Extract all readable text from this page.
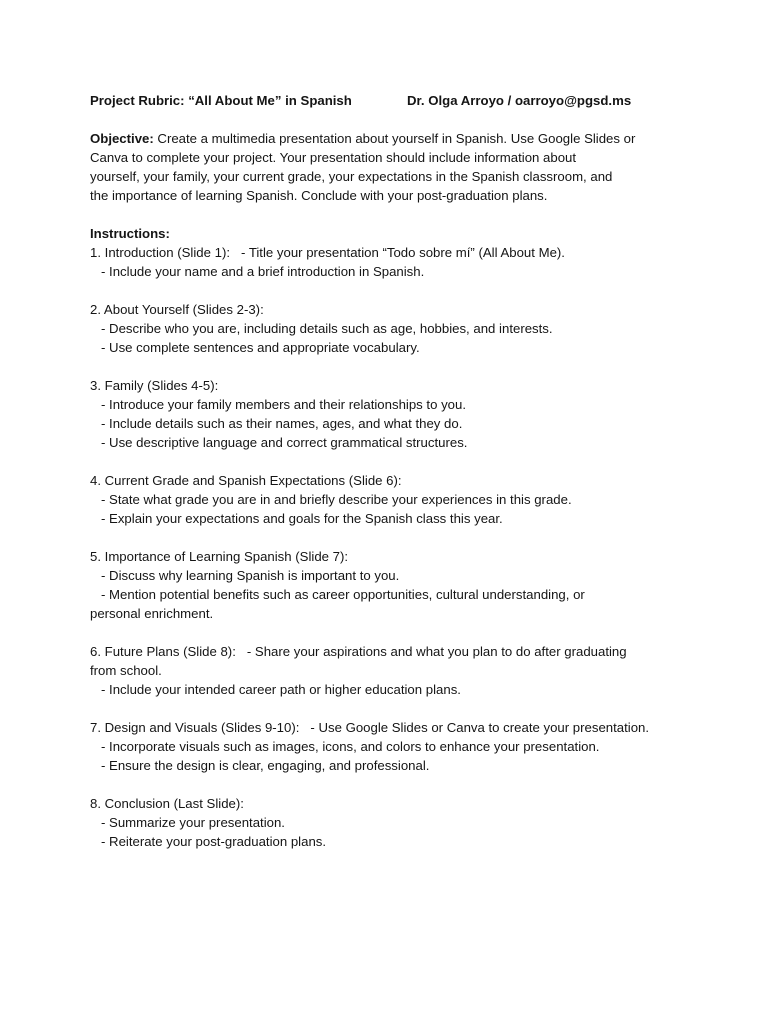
Project Rubric: “All About Me” in Spanish	Dr. Olga Arroyo / oarroyo@pgsd.ms
Objective: Create a multimedia presentation about yourself in Spanish. Use Google Slides or
Canva to complete your project. Your presentation should include information about
yourself, your family, your current grade, your expectations in the Spanish classroom, and
the importance of learning Spanish. Conclude with your post-graduation plans.
Instructions:
1. Introduction (Slide 1):   - Title your presentation “Todo sobre mí” (All About Me).
- Include your name and a brief introduction in Spanish.
2. About Yourself (Slides 2-3):
- Describe who you are, including details such as age, hobbies, and interests.
- Use complete sentences and appropriate vocabulary.
3. Family (Slides 4-5):
- Introduce your family members and their relationships to you.
- Include details such as their names, ages, and what they do.
- Use descriptive language and correct grammatical structures.
4. Current Grade and Spanish Expectations (Slide 6):
- State what grade you are in and briefly describe your experiences in this grade.
- Explain your expectations and goals for the Spanish class this year.
5. Importance of Learning Spanish (Slide 7):
- Discuss why learning Spanish is important to you.
- Mention potential benefits such as career opportunities, cultural understanding, or
personal enrichment.
6. Future Plans (Slide 8):   - Share your aspirations and what you plan to do after graduating
from school.
- Include your intended career path or higher education plans.
7. Design and Visuals (Slides 9-10):   - Use Google Slides or Canva to create your presentation.
- Incorporate visuals such as images, icons, and colors to enhance your presentation.
- Ensure the design is clear, engaging, and professional.
8. Conclusion (Last Slide):
- Summarize your presentation.
- Reiterate your post-graduation plans.
